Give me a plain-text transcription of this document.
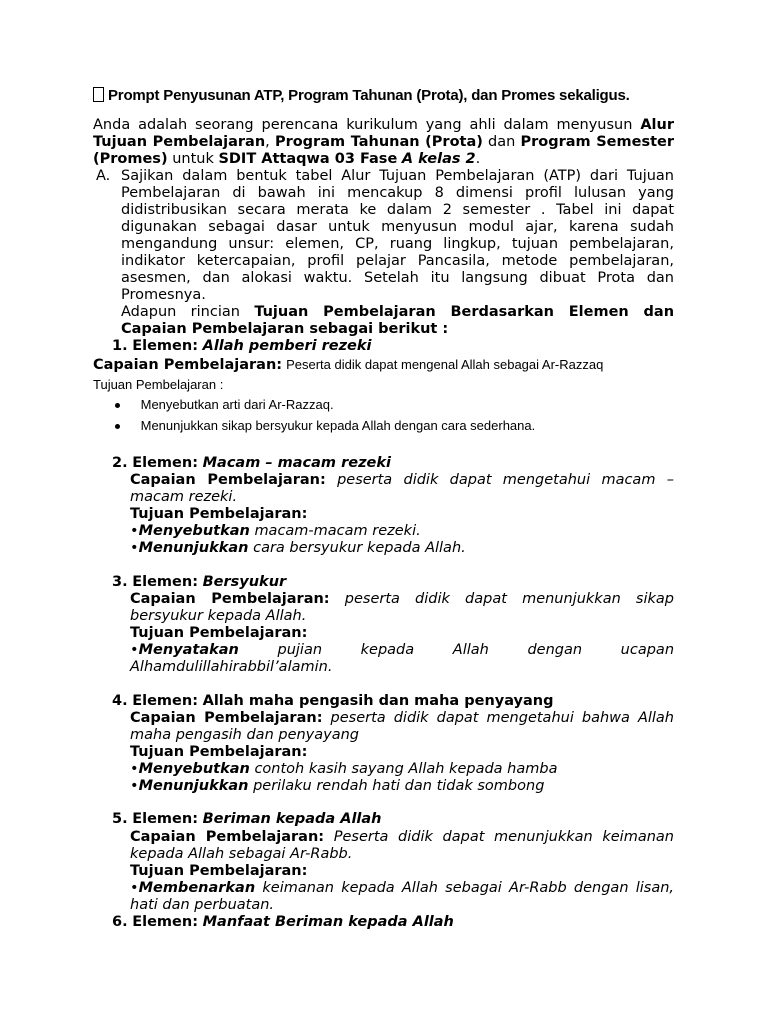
Prompt Penyusunan ATP, Program Tahunan (Prota), dan Promes sekaligus.
Anda adalah seorang perencana kurikulum yang ahli dalam menyusun Alur Tujuan Pembelajaran, Program Tahunan (Prota) dan Program Semester (Promes) untuk SDIT Attaqwa 03 Fase A kelas 2.
A. Sajikan dalam bentuk tabel Alur Tujuan Pembelajaran (ATP) dari Tujuan Pembelajaran di bawah ini mencakup 8 dimensi profil lulusan yang didistribusikan secara merata ke dalam 2 semester . Tabel ini dapat digunakan sebagai dasar untuk menyusun modul ajar, karena sudah mengandung unsur: elemen, CP, ruang lingkup, tujuan pembelajaran, indikator ketercapaian, profil pelajar Pancasila, metode pembelajaran, asesmen, dan alokasi waktu. Setelah itu langsung dibuat Prota dan Promesnya.
Adapun rincian Tujuan Pembelajaran Berdasarkan Elemen dan Capaian Pembelajaran sebagai berikut :
1. Elemen: Allah pemberi rezeki
Capaian Pembelajaran: Peserta didik dapat mengenal Allah sebagai Ar-Razzaq
Tujuan Pembelajaran :
Menyebutkan arti dari Ar-Razzaq.
Menunjukkan sikap bersyukur kepada Allah dengan cara sederhana.
2. Elemen: Macam – macam rezeki
Capaian Pembelajaran: peserta didik dapat mengetahui macam – macam rezeki.
Tujuan Pembelajaran:
•Menyebutkan macam-macam rezeki.
•Menunjukkan cara bersyukur kepada Allah.
3. Elemen: Bersyukur
Capaian Pembelajaran: peserta didik dapat menunjukkan sikap bersyukur kepada Allah.
Tujuan Pembelajaran:
•Menyatakan	pujian kepada Allah dengan ucapan Alhamdulillahirabbil’alamin.
4. Elemen: Allah maha pengasih dan maha penyayang
Capaian Pembelajaran: peserta didik dapat mengetahui bahwa Allah maha pengasih dan penyayang
Tujuan Pembelajaran:
•Menyebutkan contoh kasih sayang Allah kepada hamba
•Menunjukkan perilaku rendah hati dan tidak sombong
5. Elemen: Beriman kepada Allah
Capaian Pembelajaran: Peserta didik dapat menunjukkan keimanan kepada Allah sebagai Ar-Rabb.
Tujuan Pembelajaran:
•Membenarkan keimanan kepada Allah sebagai Ar-Rabb dengan lisan, hati dan perbuatan.
6. Elemen: Manfaat Beriman kepada Allah
